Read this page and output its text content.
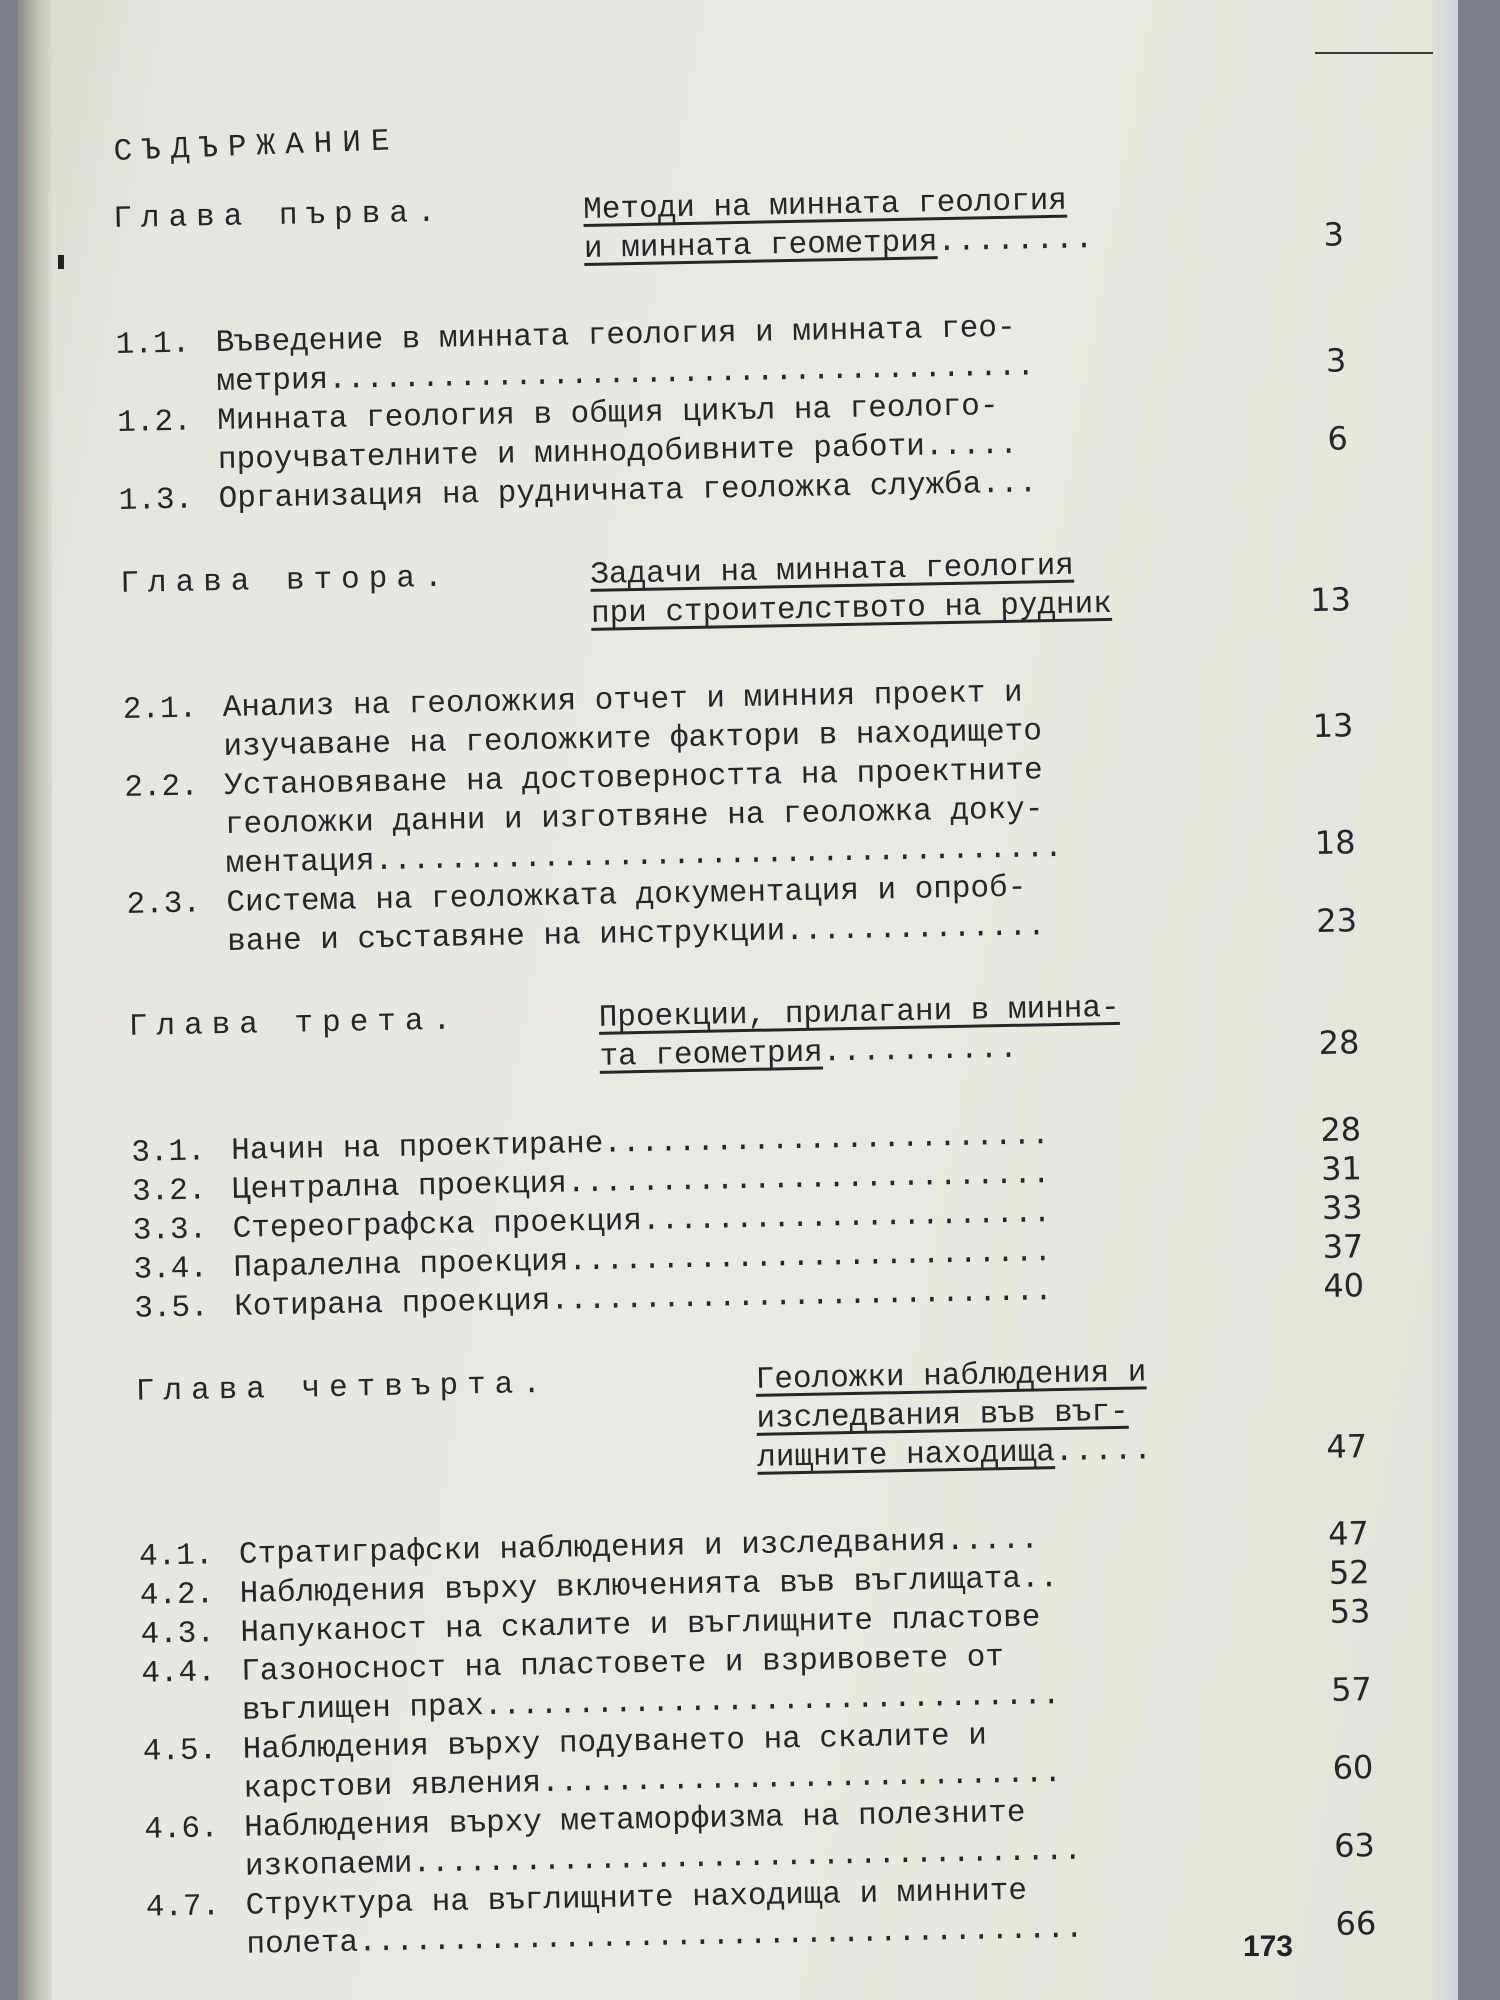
СЪДЪРЖАНИЕ
Глава първа.	Методи на минната геология
и минната геометрия........	3
1.1. Въведение в минната геология и минната гео-
метрия......................................	3
1.2. Минната геология в общия цикъл на геолого-
проучвателните и миннодобивните работи.....	6
1.3. Организация на рудничната геоложка служба...
Глава втора.	Задачи на минната геология
при строителството на рудник	13
2.1. Анализ на геоложкия отчет и минния проект и
изучаване на геоложките фактори в находището	13
2.2. Установяване на достоверността на проектните
геоложки данни и изготвяне на геоложка доку-
ментация.....................................	18
2.3. Система на геоложката документация и опроб-
ване и съставяне на инструкции..............	23
Глава трета.	Проекции, прилагани в минна-
та геометрия..........	28
3.1. Начин на проектиране........................	28
3.2. Централна проекция..........................	31
3.3. Стереографска проекция......................	33
3.4. Паралелна проекция..........................	37
3.5. Котирана проекция...........................	40
Глава четвърта.	Геоложки наблюдения и
изследвания във въг-
лищните находища.....	47
4.1. Стратиграфски наблюдения и изследвания.....	47
4.2. Наблюдения върху включенията във въглищата..	52
4.3. Напуканост на скалите и въглищните пластове	53
4.4. Газоносност на пластовете и взривовете от
въглищен прах...............................	57
4.5. Наблюдения върху подуването на скалите и
карстови явления............................	60
4.6. Наблюдения върху метаморфизма на полезните
изкопаеми....................................	63
4.7. Структура на въглищните находища и минните
полета.......................................	66
173
